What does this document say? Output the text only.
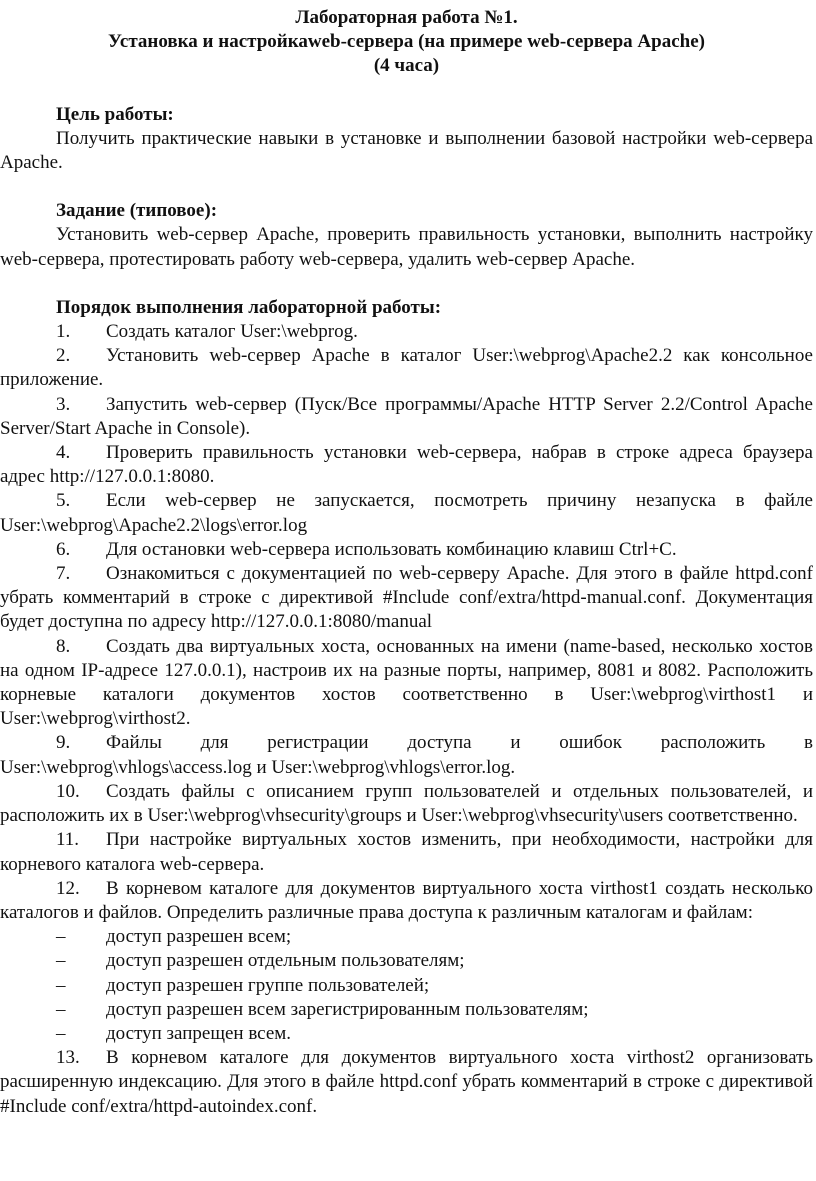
Лабораторная работа №1.
Установка и настройкаweb-сервера (на примере web-сервера Apache)
(4 часа)
Цель работы:
Получить практические навыки в установке и выполнении базовой настройки web-сервера Apache.
Задание (типовое):
Установить web-сервер Apache, проверить правильность установки, выполнить настройку web-сервера, протестировать работу web-сервера, удалить web-сервер Apache.
Порядок выполнения лабораторной работы:
1. Создать каталог User:\webprog.
2. Установить web-сервер Apache в каталог User:\webprog\Apache2.2 как консольное приложение.
3. Запустить web-сервер (Пуск/Все программы/Apache HTTP Server 2.2/Control Apache Server/Start Apache in Console).
4. Проверить правильность установки web-сервера, набрав в строке адреса браузера адрес http://127.0.0.1:8080.
5. Если web-сервер не запускается, посмотреть причину незапуска в файле User:\webprog\Apache2.2\logs\error.log
6. Для остановки web-сервера использовать комбинацию клавиш Ctrl+C.
7. Ознакомиться с документацией по web-серверу Apache. Для этого в файле httpd.conf убрать комментарий в строке с директивой #Include conf/extra/httpd-manual.conf. Документация будет доступна по адресу http://127.0.0.1:8080/manual
8. Создать два виртуальных хоста, основанных на имени (name-based, несколько хостов на одном IP-адресе 127.0.0.1), настроив их на разные порты, например, 8081 и 8082. Расположить корневые каталоги документов хостов соответственно в User:\webprog\virthost1 и User:\webprog\virthost2.
9. Файлы для регистрации доступа и ошибок расположить в User:\webprog\vhlogs\access.log и User:\webprog\vhlogs\error.log.
10. Создать файлы с описанием групп пользователей и отдельных пользователей, и расположить их в User:\webprog\vhsecurity\groups и User:\webprog\vhsecurity\users соответственно.
11. При настройке виртуальных хостов изменить, при необходимости, настройки для корневого каталога web-сервера.
12. В корневом каталоге для документов виртуального хоста virthost1 создать несколько каталогов и файлов. Определить различные права доступа к различным каталогам и файлам:
– доступ разрешен всем;
– доступ разрешен отдельным пользователям;
– доступ разрешен группе пользователей;
– доступ разрешен всем зарегистрированным пользователям;
– доступ запрещен всем.
13. В корневом каталоге для документов виртуального хоста virthost2 организовать расширенную индексацию. Для этого в файле httpd.conf убрать комментарий в строке с директивой #Include conf/extra/httpd-autoindex.conf.
